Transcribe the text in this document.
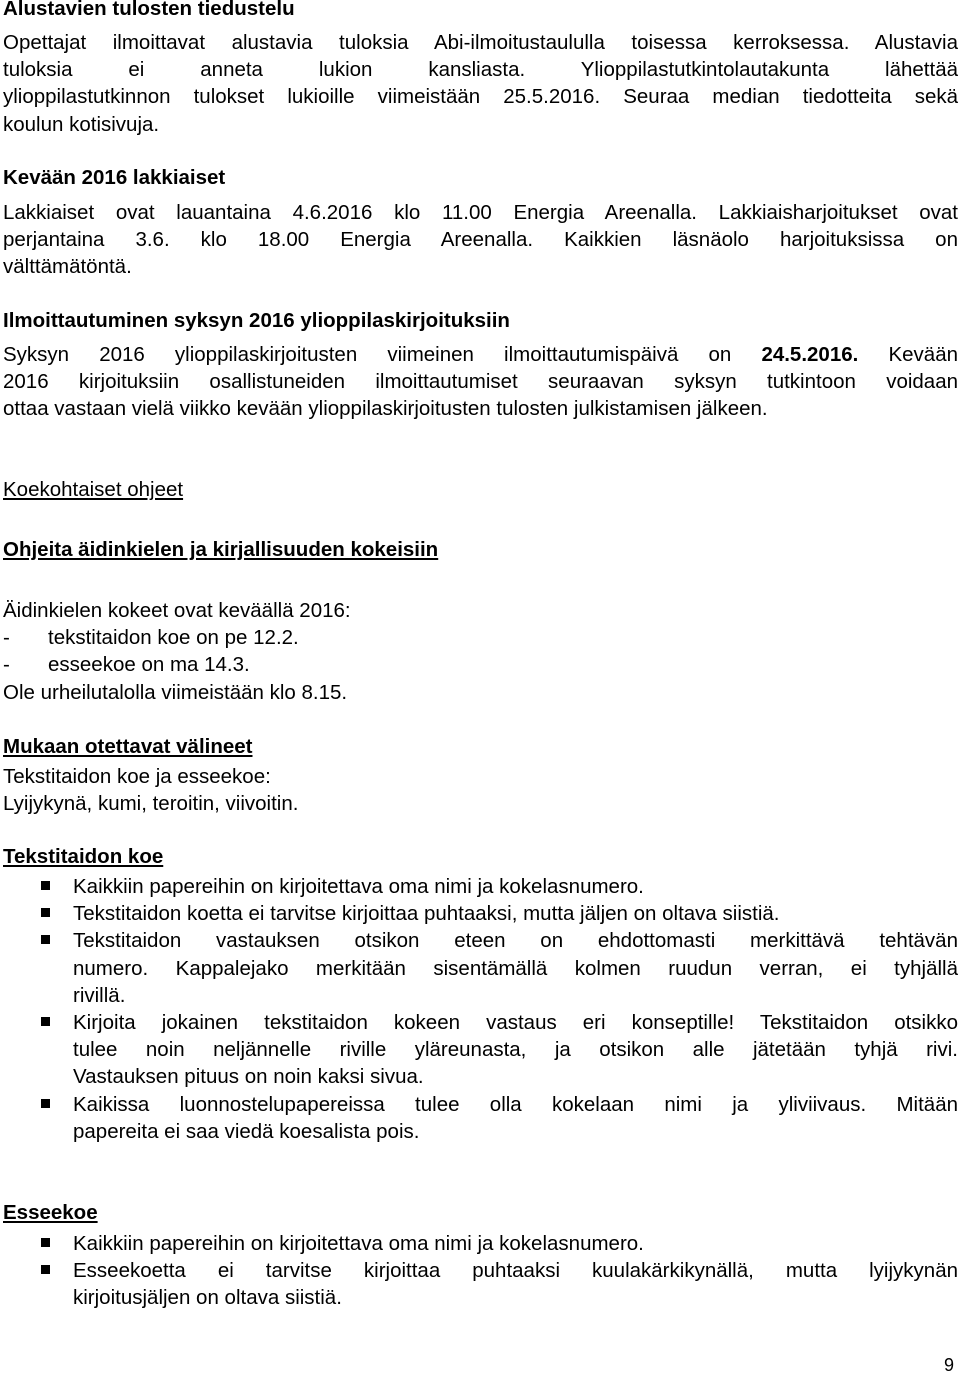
Alustavien tulosten tiedustelu
Opettajat ilmoittavat alustavia tuloksia Abi-ilmoitustaululla toisessa kerroksessa. Alustavia
tuloksia ei anneta lukion kansliasta. Ylioppilastutkintolautakunta lähettää
ylioppilastutkinnon tulokset lukioille viimeistään 25.5.2016. Seuraa median tiedotteita sekä
koulun kotisivuja.
Kevään 2016 lakkiaiset
Lakkiaiset ovat lauantaina 4.6.2016 klo 11.00 Energia Areenalla. Lakkiaisharjoitukset ovat
perjantaina 3.6. klo 18.00 Energia Areenalla. Kaikkien läsnäolo harjoituksissa on
välttämätöntä.
Ilmoittautuminen syksyn 2016 ylioppilaskirjoituksiin
Syksyn 2016 ylioppilaskirjoitusten viimeinen ilmoittautumispäivä on 24.5.2016. Kevään
2016 kirjoituksiin osallistuneiden ilmoittautumiset seuraavan syksyn tutkintoon voidaan
ottaa vastaan vielä viikko kevään ylioppilaskirjoitusten tulosten julkistamisen jälkeen.
Koekohtaiset ohjeet
Ohjeita äidinkielen ja kirjallisuuden kokeisiin
Äidinkielen kokeet ovat keväällä 2016:
-	tekstitaidon koe on pe 12.2.
-	esseekoe on ma 14.3.
Ole urheilutalolla viimeistään klo 8.15.
Mukaan otettavat välineet
Tekstitaidon koe ja esseekoe:
Lyijykynä, kumi, teroitin, viivoitin.
Tekstitaidon koe
Kaikkiin papereihin on kirjoitettava oma nimi ja kokelasnumero.
Tekstitaidon koetta ei tarvitse kirjoittaa puhtaaksi, mutta jäljen on oltava siistiä.
Tekstitaidon vastauksen otsikon eteen on ehdottomasti merkittävä tehtävän
numero. Kappalejako merkitään sisentämällä kolmen ruudun verran, ei tyhjällä
rivillä.
Kirjoita jokainen tekstitaidon kokeen vastaus eri konseptille! Tekstitaidon otsikko
tulee noin neljännelle riville yläreunasta, ja otsikon alle jätetään tyhjä rivi.
Vastauksen pituus on noin kaksi sivua.
Kaikissa luonnostelupapereissa tulee olla kokelaan nimi ja yliviivaus. Mitään
papereita ei saa viedä koesalista pois.
Esseekoe
Kaikkiin papereihin on kirjoitettava oma nimi ja kokelasnumero.
Esseekoetta ei tarvitse kirjoittaa puhtaaksi kuulakärkikynällä, mutta lyijykynän
kirjoitusjäljen on oltava siistiä.
9
